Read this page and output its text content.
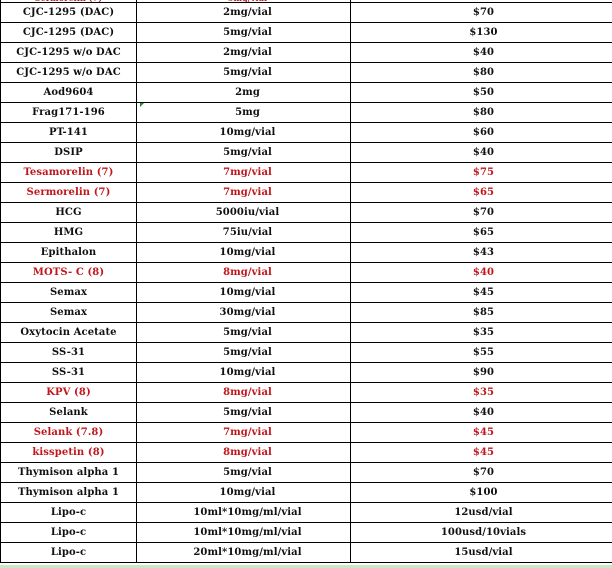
CJC-1295 (DAC)	2mg/vial	$70
CJC-1295 (DAC)	5mg/vial	$130
CJC-1295 w/o DAC	2mg/vial	$40
CJC-1295 w/o DAC	5mg/vial	$80
Aod9604	2mg	$50
Frag171-196	5mg	$80
PT-141	10mg/vial	$60
DSIP	5mg/vial	$40
Tesamorelin (7)	7mg/vial	$75
Sermorelin (7)	7mg/vial	$65
HCG	5000iu/vial	$70
HMG	75iu/vial	$65
Epithalon	10mg/vial	$43
MOTS- C (8)	8mg/vial	$40
Semax	10mg/vial	$45
Semax	30mg/vial	$85
Oxytocin Acetate	5mg/vial	$35
SS-31	5mg/vial	$55
SS-31	10mg/vial	$90
KPV (8)	8mg/vial	$35
Selank	5mg/vial	$40
Selank (7.8)	7mg/vial	$45
kisspetin (8)	8mg/vial	$45
Thymison alpha 1	5mg/vial	$70
Thymison alpha 1	10mg/vial	$100
Lipo-c	10ml*10mg/ml/vial	12usd/vial
Lipo-c	10ml*10mg/ml/vial	100usd/10vials
Lipo-c	20ml*10mg/ml/vial	15usd/vial
